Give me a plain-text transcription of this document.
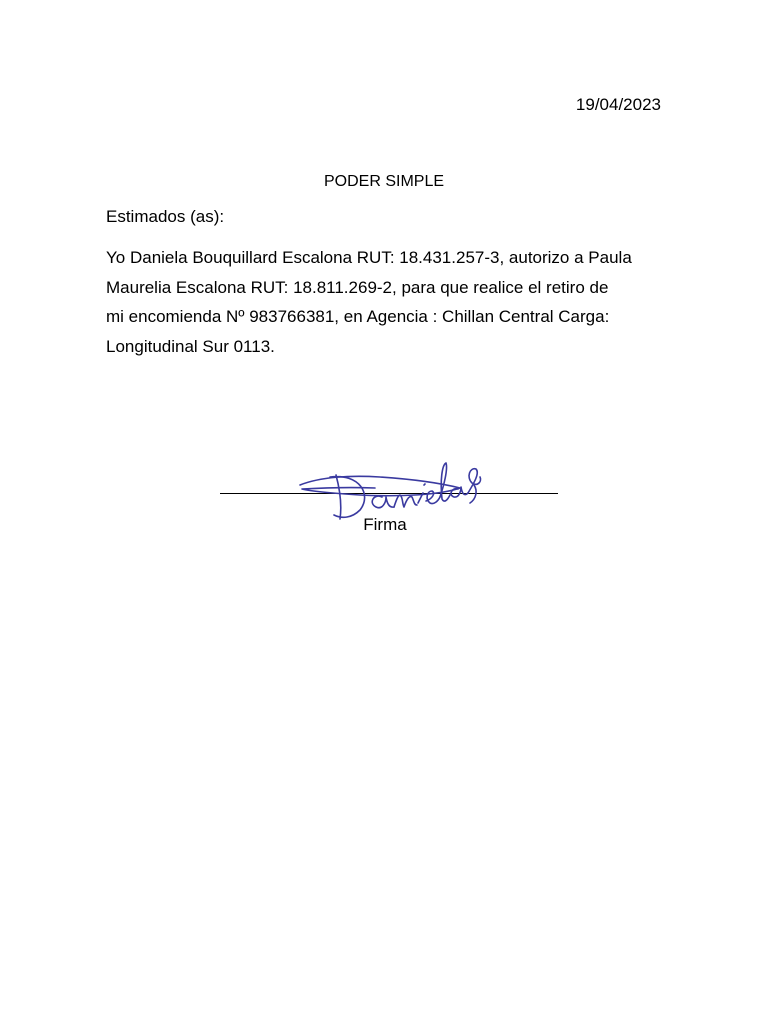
19/04/2023
PODER SIMPLE
Estimados (as):
Yo Daniela Bouquillard Escalona RUT: 18.431.257-3, autorizo a Paula
Maurelia Escalona RUT: 18.811.269-2, para que realice el retiro de
mi encomienda Nº 983766381, en Agencia : Chillan Central Carga:
Longitudinal Sur 0113.
Firma
